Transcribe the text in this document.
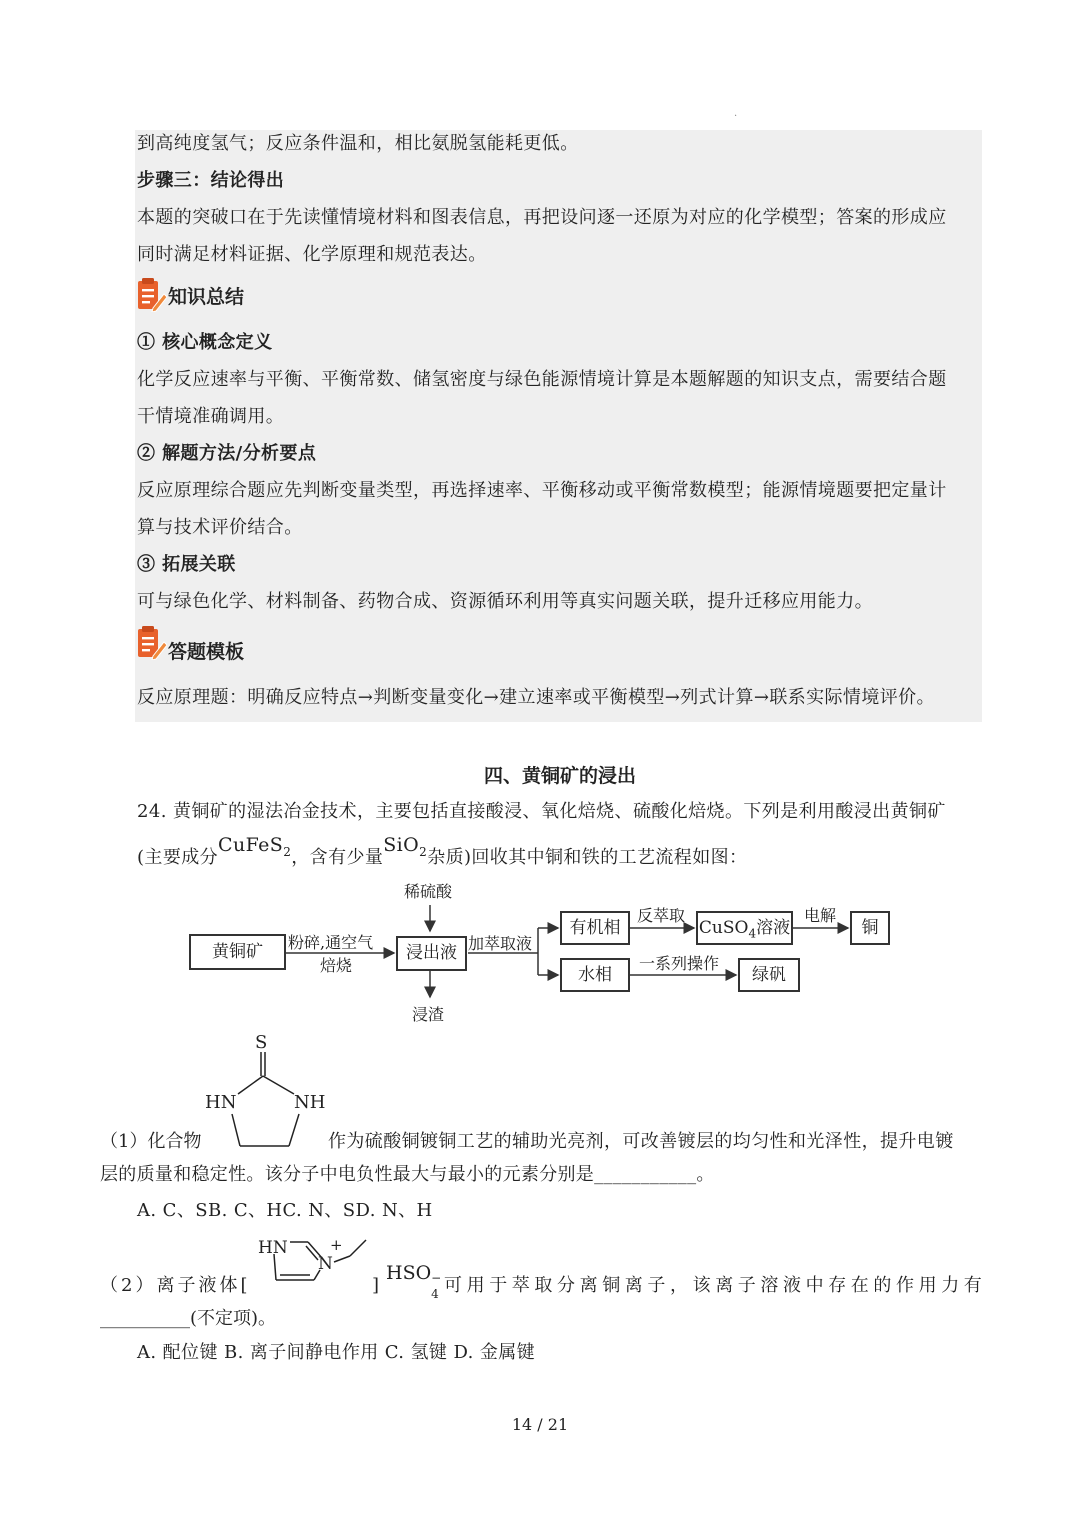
.
到高纯度氢气；反应条件温和，相比氨脱氢能耗更低。
步骤三：结论得出
本题的突破口在于先读懂情境材料和图表信息，再把设问逐一还原为对应的化学模型；答案的形成应
同时满足材料证据、化学原理和规范表达。
知识总结
① 核心概念定义
化学反应速率与平衡、平衡常数、储氢密度与绿色能源情境计算是本题解题的知识支点，需要结合题
干情境准确调用。
② 解题方法/分析要点
反应原理综合题应先判断变量类型，再选择速率、平衡移动或平衡常数模型；能源情境题要把定量计
算与技术评价结合。
③ 拓展关联
可与绿色化学、材料制备、药物合成、资源循环利用等真实问题关联，提升迁移应用能力。
答题模板
反应原理题：明确反应特点→判断变量变化→建立速率或平衡模型→列式计算→联系实际情境评价。
四、黄铜矿的浸出
24. 黄铜矿的湿法冶金技术，主要包括直接酸浸、氧化焙烧、硫酸化焙烧。下列是利用酸浸出黄铜矿
(主要成分CuFeS$_2$，含有少量SiO$_2$杂质)回收其中铜和铁的工艺流程如图：
稀硫酸
黄铜矿	粉碎,通空气
焙烧
浸出液
浸渣
加萃取液
有机相
水相
反萃取
CuSO$_4$溶液
电解
铜
一系列操作
绿矾
S
HN	NH
（1）化合物	作为硫酸铜镀铜工艺的辅助光亮剂，可改善镀层的均匀性和光泽性，提升电镀
层的质量和稳定性。该分子中电负性最大与最小的元素分别是___________。
A. C、SB. C、HC. N、SD. N、H
HN
N
+
（2）离子液体[	]
HSO −
4 可用于萃取分离铜离子，该离子溶液中存在的作用力有
__________(不定项)。
A. 配位键 B. 离子间静电作用 C. 氢键 D. 金属键
14 / 21
